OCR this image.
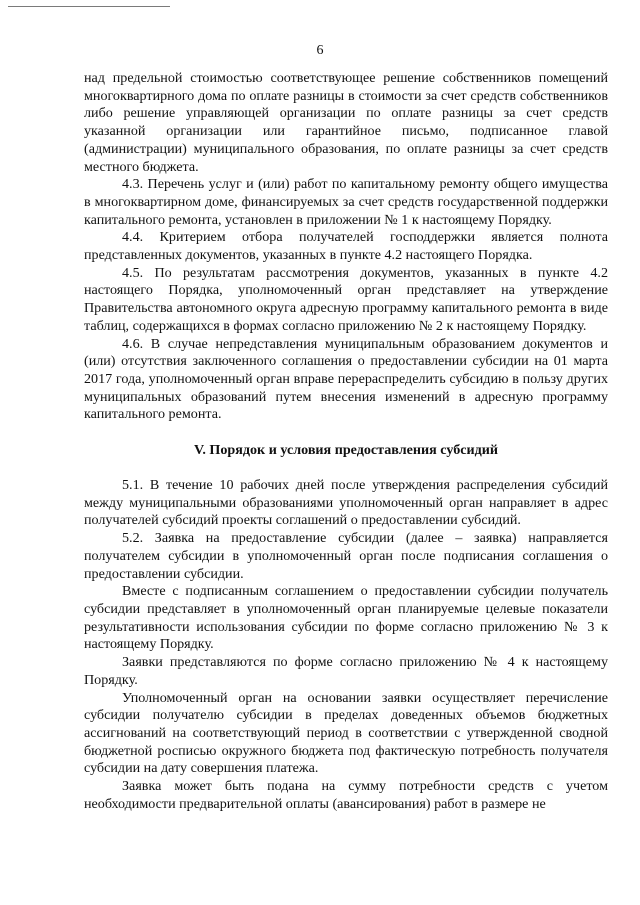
6

над предельной стоимостью соответствующее решение собственников помещений многоквартирного дома по оплате разницы в стоимости за счет средств собственников либо решение управляющей организации по оплате разницы за счет средств указанной организации или гарантийное письмо, подписанное главой (администрации) муниципального образования, по оплате разницы за счет средств местного бюджета.

4.3. Перечень услуг и (или) работ по капитальному ремонту общего имущества в многоквартирном доме, финансируемых за счет средств государственной поддержки капитального ремонта, установлен в приложении № 1 к настоящему Порядку.

4.4. Критерием отбора получателей господдержки является полнота представленных документов, указанных в пункте 4.2 настоящего Порядка.

4.5. По результатам рассмотрения документов, указанных в пункте 4.2 настоящего Порядка, уполномоченный орган представляет на утверждение Правительства автономного округа адресную программу капитального ремонта в виде таблиц, содержащихся в формах согласно приложению № 2 к настоящему Порядку.

4.6. В случае непредставления муниципальным образованием документов и (или) отсутствия заключенного соглашения о предоставлении субсидии на 01 марта 2017 года, уполномоченный орган вправе перераспределить субсидию в пользу других муниципальных образований путем внесения изменений в адресную программу капитального ремонта.

V. Порядок и условия предоставления субсидий

5.1. В течение 10 рабочих дней после утверждения распределения субсидий между муниципальными образованиями уполномоченный орган направляет в адрес получателей субсидий проекты соглашений о предоставлении субсидий.

5.2. Заявка на предоставление субсидии (далее – заявка) направляется получателем субсидии в уполномоченный орган после подписания соглашения о предоставлении субсидии.

Вместе с подписанным соглашением о предоставлении субсидии получатель субсидии представляет в уполномоченный орган планируемые целевые показатели результативности использования субсидии по форме согласно приложению № 3 к настоящему Порядку.

Заявки представляются по форме согласно приложению № 4 к настоящему Порядку.

Уполномоченный орган на основании заявки осуществляет перечисление субсидии получателю субсидии в пределах доведенных объемов бюджетных ассигнований на соответствующий период в соответствии с утвержденной сводной бюджетной росписью окружного бюджета под фактическую потребность получателя субсидии на дату совершения платежа.

Заявка может быть подана на сумму потребности средств с учетом необходимости предварительной оплаты (авансирования) работ в размере не
